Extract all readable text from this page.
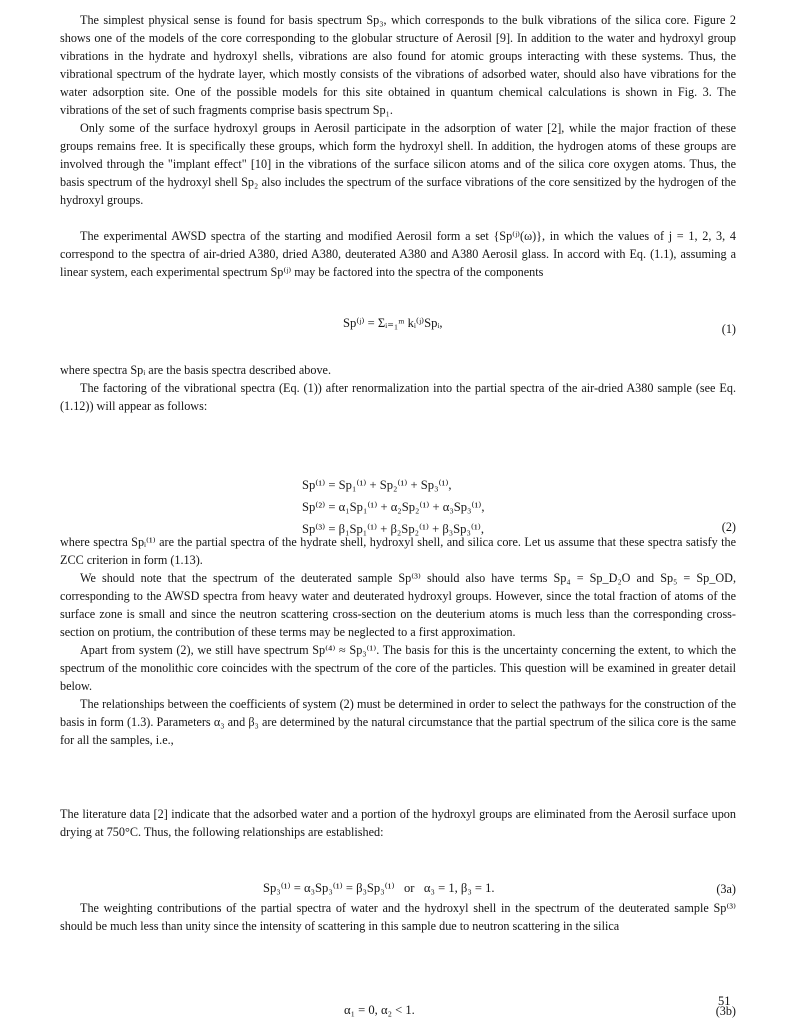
The simplest physical sense is found for basis spectrum Sp₃, which corresponds to the bulk vibrations of the silica core. Figure 2 shows one of the models of the core corresponding to the globular structure of Aerosil [9]. In addition to the water and hydroxyl group vibrations in the hydrate and hydroxyl shells, vibrations are also found for atomic groups interacting with these systems. Thus, the vibrational spectrum of the hydrate layer, which mostly consists of the vibrations of adsorbed water, should also have vibrations for the water adsorption site. One of the possible models for this site obtained in quantum chemical calculations is shown in Fig. 3. The vibrations of the set of such fragments comprise basis spectrum Sp₁.

Only some of the surface hydroxyl groups in Aerosil participate in the adsorption of water [2], while the major fraction of these groups remains free. It is specifically these groups, which form the hydroxyl shell. In addition, the hydrogen atoms of these groups are involved through the "implant effect" [10] in the vibrations of the surface silicon atoms and of the silica core oxygen atoms. Thus, the basis spectrum of the hydroxyl shell Sp₂ also includes the spectrum of the surface vibrations of the core sensitized by the hydrogen of the hydroxyl groups.

The experimental AWSD spectra of the starting and modified Aerosil form a set {Sp⁽ʲ⁾(ω)}, in which the values of j = 1, 2, 3, 4 correspond to the spectra of air-dried A380, dried A380, deuterated A380 and A380 Aerosil glass. In accord with Eq. (1.1), assuming a linear system, each experimental spectrum Sp⁽ʲ⁾ may be factored into the spectra of the components

Sp⁽ʲ⁾ = Σᵢ₌₁ᵐ kᵢ⁽ʲ⁾Spᵢ,	(1)

where spectra Spᵢ are the basis spectra described above.

The factoring of the vibrational spectra (Eq. (1)) after renormalization into the partial spectra of the air-dried A380 sample (see Eq. (1.12)) will appear as follows:

Sp⁽¹⁾ = Sp₁⁽¹⁾ + Sp₂⁽¹⁾ + Sp₃⁽¹⁾,
Sp⁽²⁾ = α₁Sp₁⁽¹⁾ + α₂Sp₂⁽¹⁾ + α₃Sp₃⁽¹⁾,
Sp⁽³⁾ = β₁Sp₁⁽¹⁾ + β₂Sp₂⁽¹⁾ + β₃Sp₃⁽¹⁾,	(2)

where spectra Spᵢ⁽¹⁾ are the partial spectra of the hydrate shell, hydroxyl shell, and silica core. Let us assume that these spectra satisfy the ZCC criterion in form (1.13).

We should note that the spectrum of the deuterated sample Sp⁽³⁾ should also have terms Sp₄ = Sp_D₂O and Sp₅ = Sp_OD, corresponding to the AWSD spectra from heavy water and deuterated hydroxyl groups. However, since the total fraction of atoms of the surface zone is small and since the neutron scattering cross-section on the deuterium atoms is much less than the corresponding cross-section on protium, the contribution of these terms may be neglected to a first approximation.

Apart from system (2), we still have spectrum Sp⁽⁴⁾ ≈ Sp₃⁽¹⁾. The basis for this is the uncertainty concerning the extent, to which the spectrum of the monolithic core coincides with the spectrum of the core of the particles. This question will be examined in greater detail below.

The relationships between the coefficients of system (2) must be determined in order to select the pathways for the construction of the basis in form (1.3). Parameters α₃ and β₃ are determined by the natural circumstance that the partial spectrum of the silica core is the same for all the samples, i.e.,

Sp₃⁽¹⁾ = α₃Sp₃⁽¹⁾ = β₃Sp₃⁽¹⁾   or   α₃ = 1, β₃ = 1.	(3a)

The literature data [2] indicate that the adsorbed water and a portion of the hydroxyl groups are eliminated from the Aerosil surface upon drying at 750°C. Thus, the following relationships are established:

α₁ = 0, α₂ < 1.	(3b)

The weighting contributions of the partial spectra of water and the hydroxyl shell in the spectrum of the deuterated sample Sp⁽³⁾ should be much less than unity since the intensity of scattering in this sample due to neutron scattering in the silica

51
